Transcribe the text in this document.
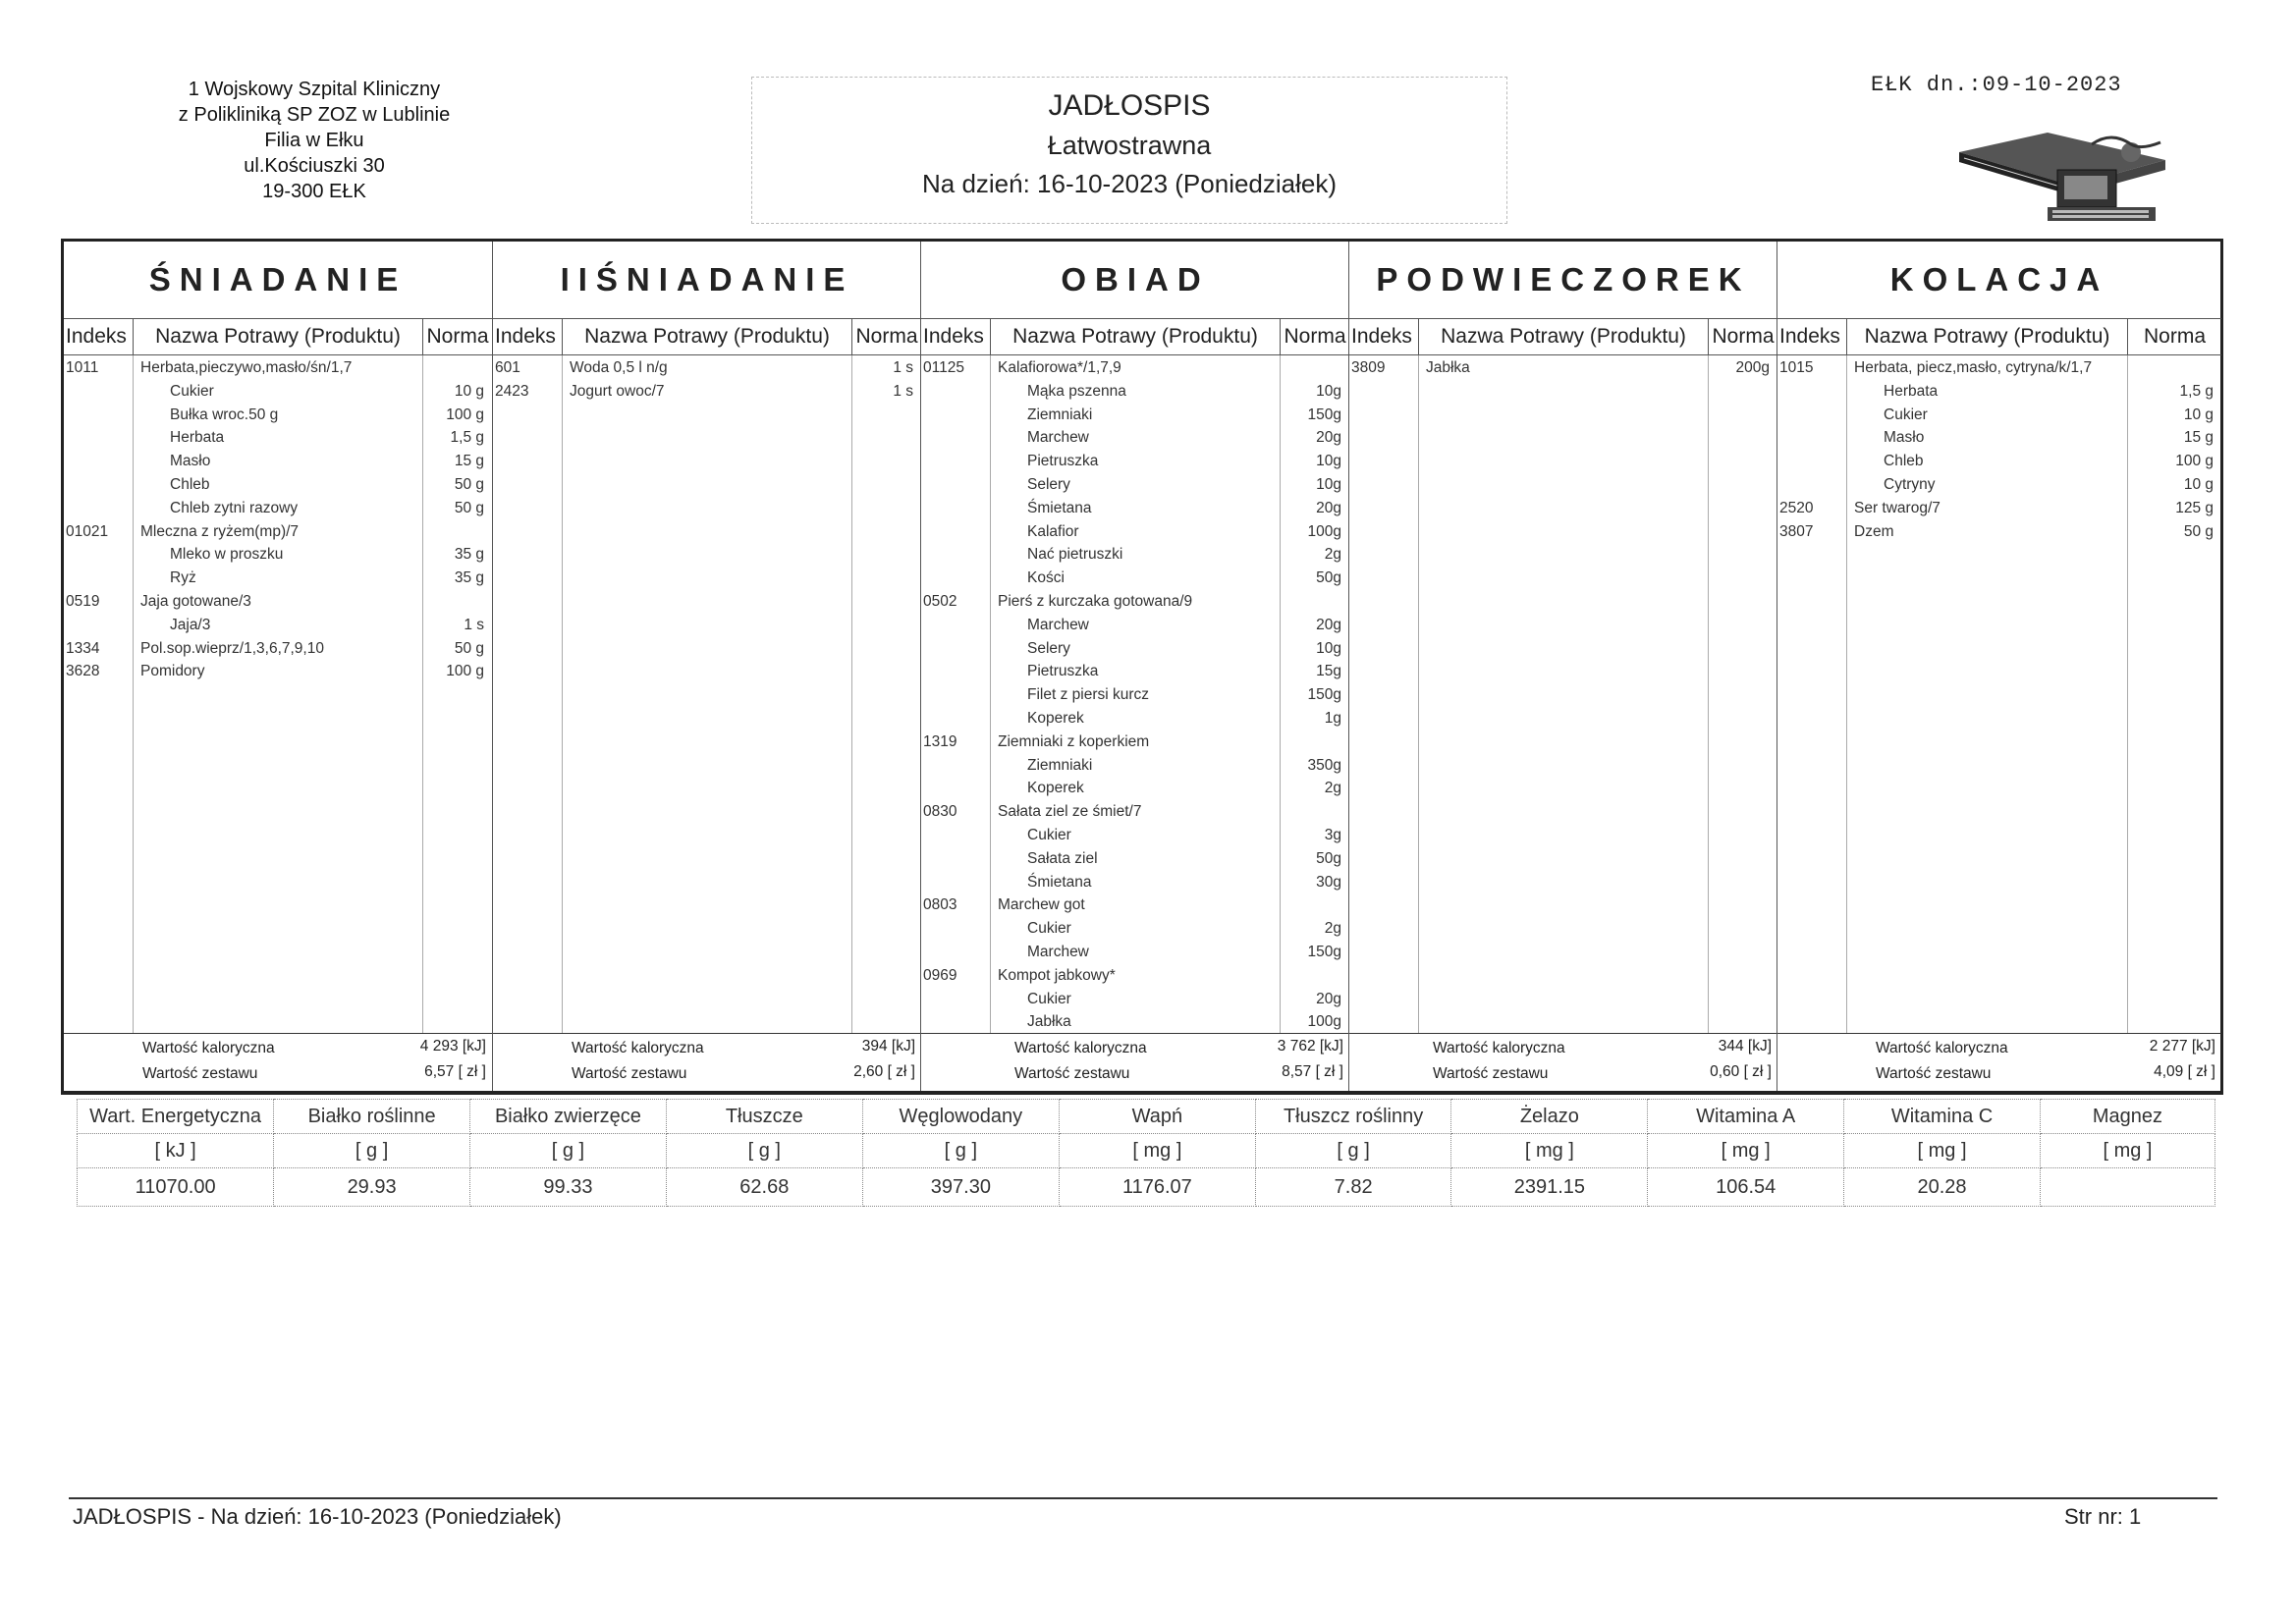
1 Wojskowy Szpital Kliniczny
z Polikliniką SP ZOZ w Lublinie
Filia w Ełku
ul.Kościuszki 30
19-300 EŁK
JADŁOSPIS
Łatwostrawna
Na dzień: 16-10-2023 (Poniedziałek)
EŁK dn.:09-10-2023
ŚNIADANIE
Indeks	Nazwa Potrawy (Produktu)	Norma
1011	Herbata,pieczywo,masło/śn/1,7
Cukier	10 g
Bułka wroc.50 g	100 g
Herbata	1,5 g
Masło	15 g
Chleb	50 g
Chleb zytni razowy	50 g
01021 Mleczna z ryżem(mp)/7
Mleko w proszku	35 g
Ryż	35 g
0519	Jaja gotowane/3
Jaja/3	1 s
1334	Pol.sop.wieprz/1,3,6,7,9,10	50 g
3628	Pomidory	100 g
Wartość kaloryczna	4 293 [kJ]
Wartość zestawu	6,57 [ zł ]
IIŚNIADANIE
Indeks	Nazwa Potrawy (Produktu)	Norma
601	Woda 0,5 l n/g	1 s
2423	Jogurt owoc/7	1 s
Wartość kaloryczna	394 [kJ]
Wartość zestawu	2,60 [ zł ]
OBIAD
Indeks	Nazwa Potrawy (Produktu)	Norma
01125 Kalafiorowa*/1,7,9
Mąka pszenna	10g
Ziemniaki	150g
Marchew	20g
Pietruszka	10g
Selery	10g
Śmietana	20g
Kalafior	100g
Nać pietruszki	2g
Kości	50g
0502	Pierś z kurczaka gotowana/9
Marchew	20g
Selery	10g
Pietruszka	15g
Filet z piersi kurcz	150g
Koperek	1g
1319	Ziemniaki z koperkiem
Ziemniaki	350g
Koperek	2g
0830	Sałata ziel ze śmiet/7
Cukier	3g
Sałata ziel	50g
Śmietana	30g
0803	Marchew got
Cukier	2g
Marchew	150g
0969	Kompot jabkowy*
Cukier	20g
Jabłka	100g
Wartość kaloryczna	3 762 [kJ]
Wartość zestawu	8,57 [ zł ]
PODWIECZOREK
Indeks	Nazwa Potrawy (Produktu)	Norma
3809	Jabłka	200g
Wartość kaloryczna	344 [kJ]
Wartość zestawu	0,60 [ zł ]
KOLACJA
Indeks	Nazwa Potrawy (Produktu)	Norma
1015	Herbata, piecz,masło, cytryna/k/1,7
Herbata	1,5 g
Cukier	10 g
Masło	15 g
Chleb	100 g
Cytryny	10 g
2520	Ser twarog/7	125 g
3807	Dzem	50 g
Wartość kaloryczna	2 277 [kJ]
Wartość zestawu	4,09 [ zł ]
Wart. Energetyczna	Białko roślinne	Białko zwierzęce	Tłuszcze	Węglowodany	Wapń	Tłuszcz roślinny	Żelazo	Witamina A	Witamina C	Magnez
[ kJ ]	[ g ]	[ g ]	[ g ]	[ g ]	[ mg ]	[ g ]	[ mg ]	[ mg ]	[ mg ]	[ mg ]
11070.00	29.93	99.33	62.68	397.30	1176.07	7.82	2391.15	106.54	20.28	
JADŁOSPIS - Na dzień: 16-10-2023 (Poniedziałek)	Str nr: 1
